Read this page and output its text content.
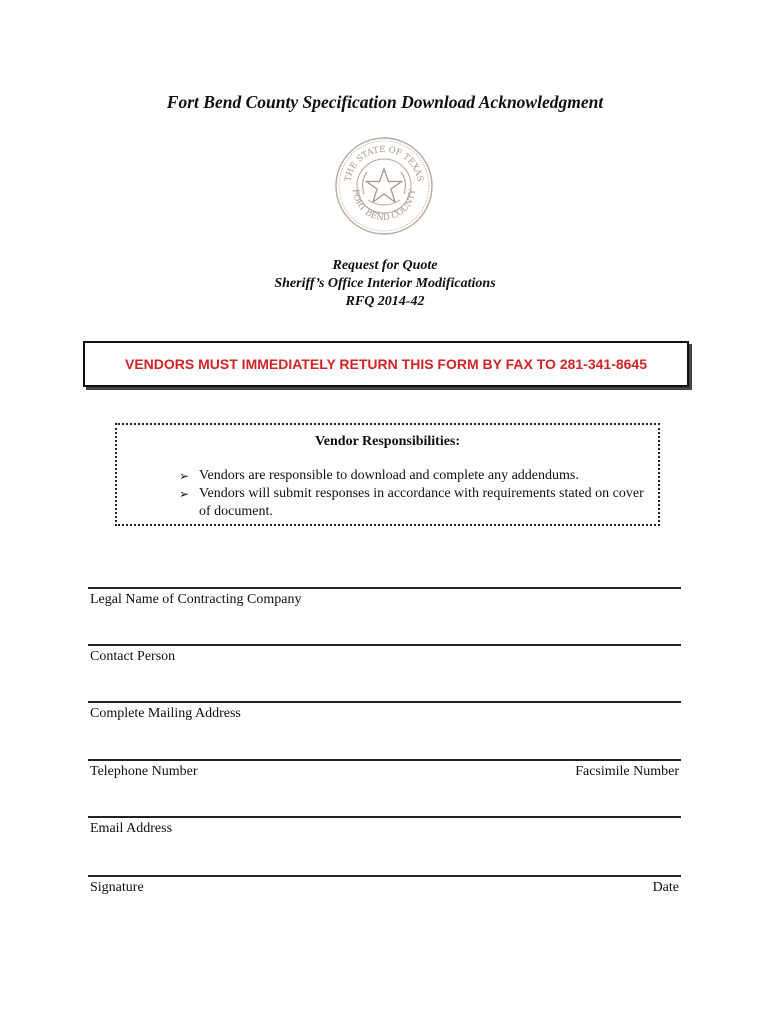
Fort Bend County Specification Download Acknowledgment
THE STATE OF TEXAS
FORT BEND COUNTY
Request for Quote
Sheriff’s Office Interior Modifications
RFQ 2014-42
VENDORS MUST IMMEDIATELY RETURN THIS FORM BY FAX TO 281-341-8645
Vendor Responsibilities:
➢ Vendors are responsible to download and complete any addendums.
➢ Vendors will submit responses in accordance with requirements stated on cover of document.
Legal Name of Contracting Company
Contact Person
Complete Mailing Address
Telephone Number	Facsimile Number
Email Address
Signature	Date
